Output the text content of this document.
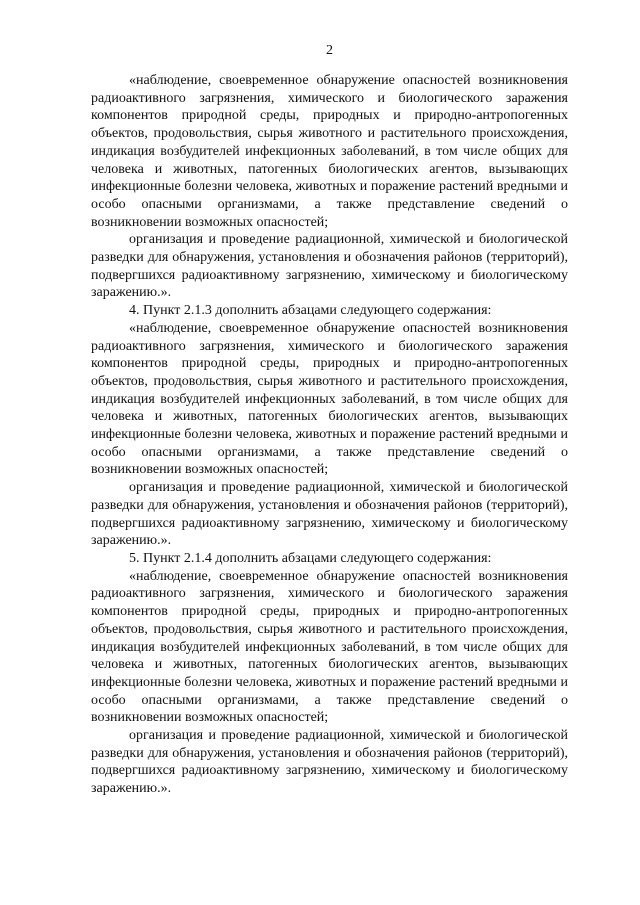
2

«наблюдение, своевременное обнаружение опасностей возникновения радиоактивного загрязнения, химического и биологического заражения компонентов природной среды, природных и природно-антропогенных объектов, продовольствия, сырья животного и растительного происхождения, индикация возбудителей инфекционных заболеваний, в том числе общих для человека и животных, патогенных биологических агентов, вызывающих инфекционные болезни человека, животных и поражение растений вредными и особо опасными организмами, а также представление сведений о возникновении возможных опасностей;

организация и проведение радиационной, химической и биологической разведки для обнаружения, установления и обозначения районов (территорий), подвергшихся радиоактивному загрязнению, химическому и биологическому заражению.».

4. Пункт 2.1.3 дополнить абзацами следующего содержания:

«наблюдение, своевременное обнаружение опасностей возникновения радиоактивного загрязнения, химического и биологического заражения компонентов природной среды, природных и природно-антропогенных объектов, продовольствия, сырья животного и растительного происхождения, индикация возбудителей инфекционных заболеваний, в том числе общих для человека и животных, патогенных биологических агентов, вызывающих инфекционные болезни человека, животных и поражение растений вредными и особо опасными организмами, а также представление сведений о возникновении возможных опасностей;

организация и проведение радиационной, химической и биологической разведки для обнаружения, установления и обозначения районов (территорий), подвергшихся радиоактивному загрязнению, химическому и биологическому заражению.».

5. Пункт 2.1.4 дополнить абзацами следующего содержания:

«наблюдение, своевременное обнаружение опасностей возникновения радиоактивного загрязнения, химического и биологического заражения компонентов природной среды, природных и природно-антропогенных объектов, продовольствия, сырья животного и растительного происхождения, индикация возбудителей инфекционных заболеваний, в том числе общих для человека и животных, патогенных биологических агентов, вызывающих инфекционные болезни человека, животных и поражение растений вредными и особо опасными организмами, а также представление сведений о возникновении возможных опасностей;

организация и проведение радиационной, химической и биологической разведки для обнаружения, установления и обозначения районов (территорий), подвергшихся радиоактивному загрязнению, химическому и биологическому заражению.».
